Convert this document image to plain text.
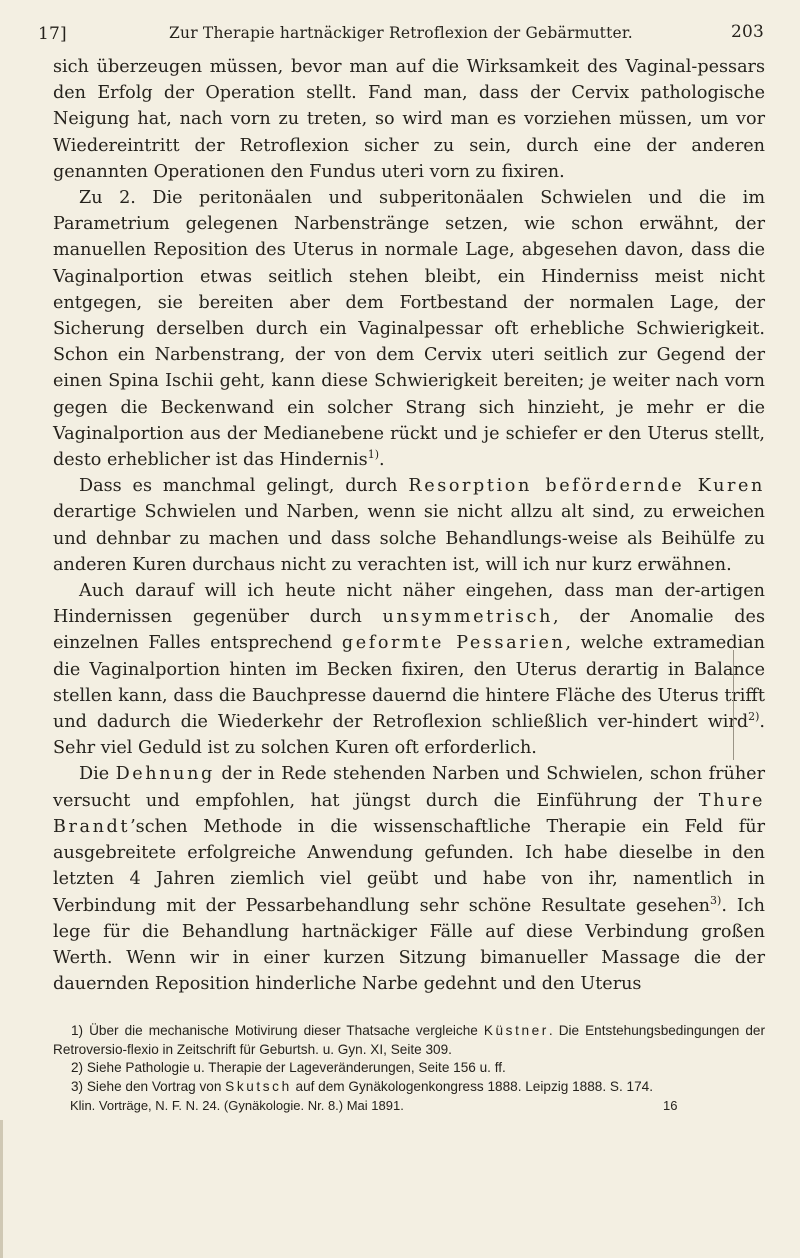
17]	Zur Therapie hartnäckiger Retroflexion der Gebärmutter.	203

sich überzeugen müssen, bevor man auf die Wirksamkeit des Vaginal-pessars den Erfolg der Operation stellt. Fand man, dass der Cervix pathologische Neigung hat, nach vorn zu treten, so wird man es vorziehen müssen, um vor Wiedereintritt der Retroflexion sicher zu sein, durch eine der anderen genannten Operationen den Fundus uteri vorn zu fixiren.

Zu 2. Die peritonäalen und subperitonäalen Schwielen und die im Parametrium gelegenen Narbenstränge setzen, wie schon erwähnt, der manuellen Reposition des Uterus in normale Lage, abgesehen davon, dass die Vaginalportion etwas seitlich stehen bleibt, ein Hinderniss meist nicht entgegen, sie bereiten aber dem Fortbestand der normalen Lage, der Sicherung derselben durch ein Vaginalpessar oft erhebliche Schwierigkeit. Schon ein Narbenstrang, der von dem Cervix uteri seitlich zur Gegend der einen Spina Ischii geht, kann diese Schwierigkeit bereiten; je weiter nach vorn gegen die Beckenwand ein solcher Strang sich hinzieht, je mehr er die Vaginalportion aus der Medianebene rückt und je schiefer er den Uterus stellt, desto erheblicher ist das Hindernis$^{1)}$.

Dass es manchmal gelingt, durch Resorption befördernde Kuren derartige Schwielen und Narben, wenn sie nicht allzu alt sind, zu erweichen und dehnbar zu machen und dass solche Behandlungs-weise als Beihülfe zu anderen Kuren durchaus nicht zu verachten ist, will ich nur kurz erwähnen.

Auch darauf will ich heute nicht näher eingehen, dass man der-artigen Hindernissen gegenüber durch unsymmetrisch, der Anomalie des einzelnen Falles entsprechend geformte Pessarien, welche extramedian die Vaginalportion hinten im Becken fixiren, den Uterus derartig in Balance stellen kann, dass die Bauchpresse dauernd die hintere Fläche des Uterus trifft und dadurch die Wiederkehr der Retroflexion schließlich ver-hindert wird$^{2)}$. Sehr viel Geduld ist zu solchen Kuren oft erforderlich.

Die Dehnung der in Rede stehenden Narben und Schwielen, schon früher versucht und empfohlen, hat jüngst durch die Einführung der Thure Brandt’schen Methode in die wissenschaftliche Therapie ein Feld für ausgebreitete erfolgreiche Anwendung gefunden. Ich habe dieselbe in den letzten 4 Jahren ziemlich viel geübt und habe von ihr, namentlich in Verbindung mit der Pessarbehandlung sehr schöne Resultate gesehen$^{3)}$. Ich lege für die Behandlung hartnäckiger Fälle auf diese Verbindung großen Werth. Wenn wir in einer kurzen Sitzung bimanueller Massage die der dauernden Reposition hinderliche Narbe gedehnt und den Uterus

1) Über die mechanische Motivirung dieser Thatsache vergleiche Küstner. Die Entstehungsbedingungen der Retroversio-flexio in Zeitschrift für Geburtsh. u. Gyn. XI, Seite 309.

2) Siehe Pathologie u. Therapie der Lageveränderungen, Seite 156 u. ff.

3) Siehe den Vortrag von Skutsch auf dem Gynäkologenkongress 1888. Leipzig 1888. S. 174.

Klin. Vorträge, N. F. N. 24. (Gynäkologie. Nr. 8.) Mai 1891.	16
